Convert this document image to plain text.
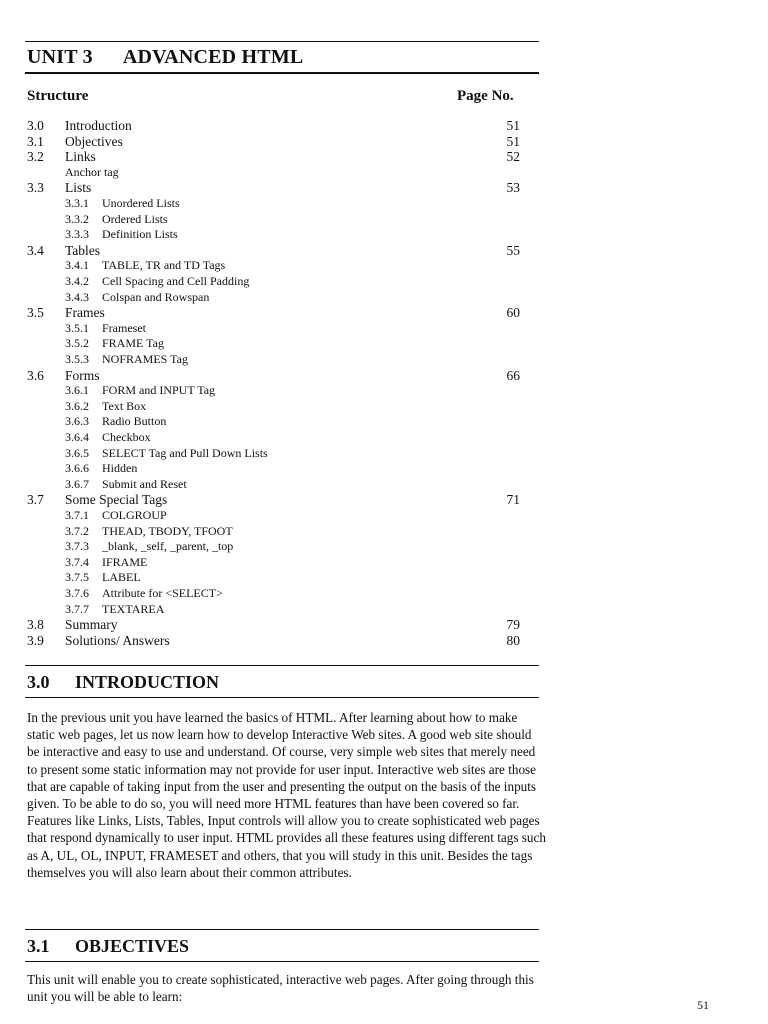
UNIT 3 ADVANCED HTML
Structure	Page No.
3.0 Introduction	51
3.1 Objectives	51
3.2 Links	52
Anchor tag
3.3 Lists	53
3.3.1 Unordered Lists
3.3.2 Ordered Lists
3.3.3 Definition Lists
3.4 Tables	55
3.4.1 TABLE, TR and TD Tags
3.4.2 Cell Spacing and Cell Padding
3.4.3 Colspan and Rowspan
3.5 Frames	60
3.5.1 Frameset
3.5.2 FRAME Tag
3.5.3 NOFRAMES Tag
3.6 Forms	66
3.6.1 FORM and INPUT Tag
3.6.2 Text Box
3.6.3 Radio Button
3.6.4 Checkbox
3.6.5 SELECT Tag and Pull Down Lists
3.6.6 Hidden
3.6.7 Submit and Reset
3.7 Some Special Tags	71
3.7.1 COLGROUP
3.7.2 THEAD, TBODY, TFOOT
3.7.3 _blank, _self, _parent, _top
3.7.4 IFRAME
3.7.5 LABEL
3.7.6 Attribute for <SELECT>
3.7.7 TEXTAREA
3.8 Summary	79
3.9 Solutions/ Answers	80
3.0 INTRODUCTION
In the previous unit you have learned the basics of HTML. After learning about how to make static web pages, let us now learn how to develop Interactive Web sites. A good web site should be interactive and easy to use and understand. Of course, very simple web sites that merely need to present some static information may not provide for user input. Interactive web sites are those that are capable of taking input from the user and presenting the output on the basis of the inputs given. To be able to do so, you will need more HTML features than have been covered so far. Features like Links, Lists, Tables, Input controls will allow you to create sophisticated web pages that respond dynamically to user input. HTML provides all these features using different tags such as A, UL, OL, INPUT, FRAMESET and others, that you will study in this unit. Besides the tags themselves you will also learn about their common attributes.
3.1 OBJECTIVES
This unit will enable you to create sophisticated, interactive web pages. After going through this unit you will be able to learn:
51
